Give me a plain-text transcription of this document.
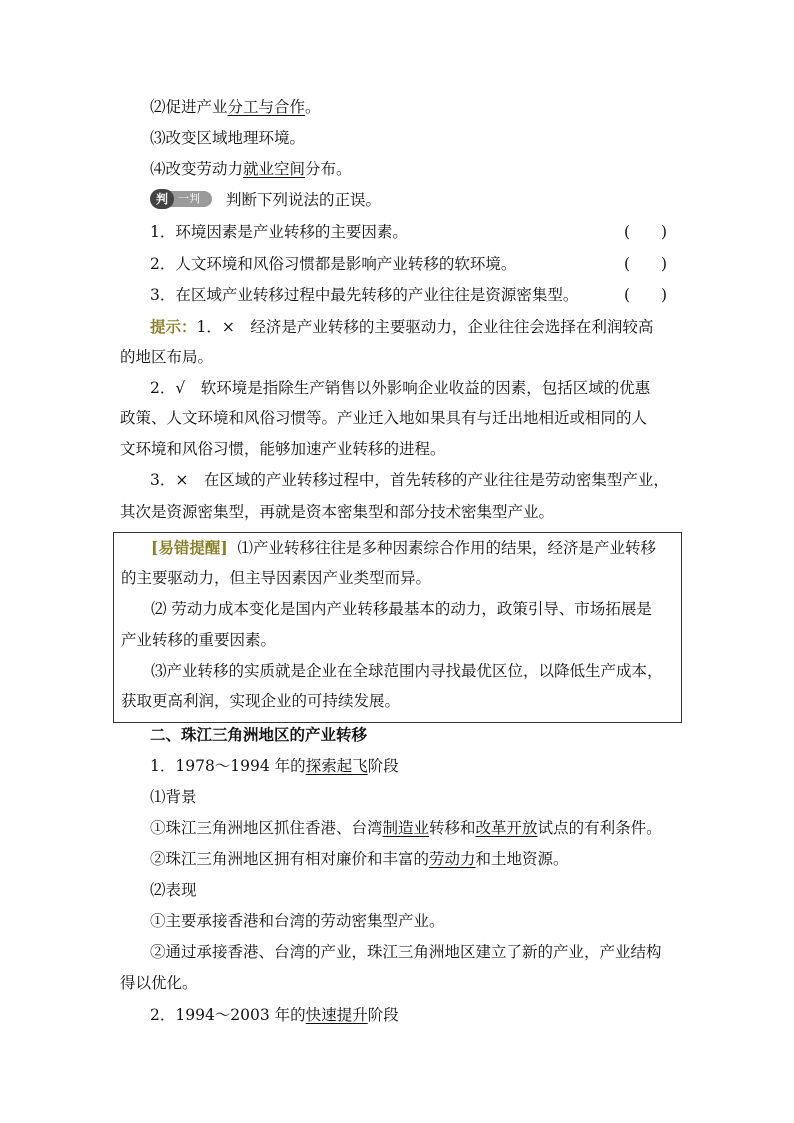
⑵促进产业分工与合作。
⑶改变区域地理环境。
⑷改变劳动力就业空间分布。
一判
判	判断下列说法的正误。
1．环境因素是产业转移的主要因素。	(　　)
2．人文环境和风俗习惯都是影响产业转移的软环境。	(　　)
3．在区域产业转移过程中最先转移的产业往往是资源密集型。	(　　)
提示：1．×　经济是产业转移的主要驱动力，企业往往会选择在利润较高
的地区布局。
2．√　软环境是指除生产销售以外影响企业收益的因素，包括区域的优惠
政策、人文环境和风俗习惯等。产业迁入地如果具有与迁出地相近或相同的人
文环境和风俗习惯，能够加速产业转移的进程。
3．×　在区域的产业转移过程中，首先转移的产业往往是劳动密集型产业，
其次是资源密集型，再就是资本密集型和部分技术密集型产业。
[易错提醒] ⑴产业转移往往是多种因素综合作用的结果，经济是产业转移
的主要驱动力，但主导因素因产业类型而异。
⑵ 劳动力成本变化是国内产业转移最基本的动力，政策引导、市场拓展是
产业转移的重要因素。
⑶产业转移的实质就是企业在全球范围内寻找最优区位，以降低生产成本，
获取更高利润，实现企业的可持续发展。
二、珠江三角洲地区的产业转移
1．1978～1994 年的探索起飞阶段
⑴背景
①珠江三角洲地区抓住香港、台湾制造业转移和改革开放试点的有利条件。
②珠江三角洲地区拥有相对廉价和丰富的劳动力和土地资源。
⑵表现
①主要承接香港和台湾的劳动密集型产业。
②通过承接香港、台湾的产业，珠江三角洲地区建立了新的产业，产业结构
得以优化。
2．1994～2003 年的快速提升阶段
